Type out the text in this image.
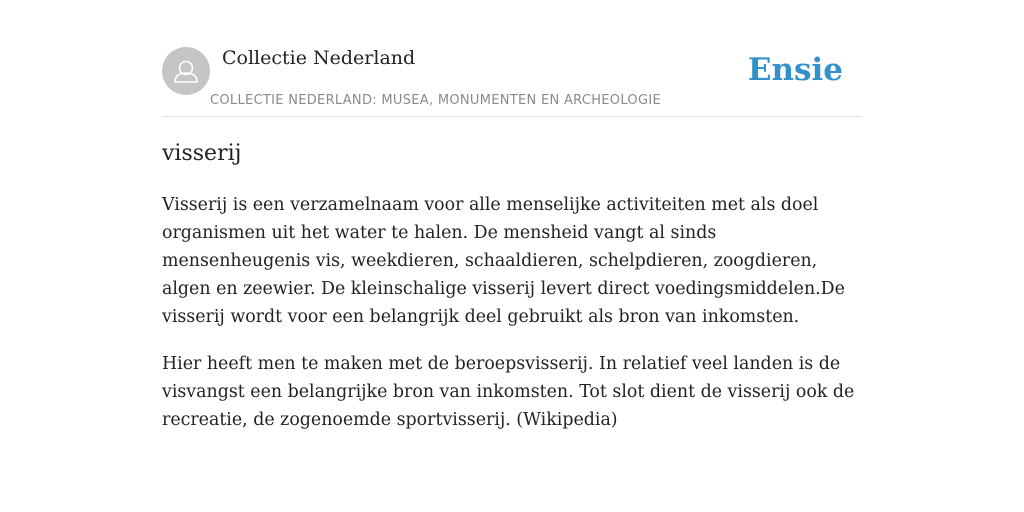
Collectie Nederland
COLLECTIE NEDERLAND: MUSEA, MONUMENTEN EN ARCHEOLOGIE
Ensie
visserij

Visserij is een verzamelnaam voor alle menselijke activiteiten met als doel organismen uit het water te halen. De mensheid vangt al sinds mensenheugenis vis, weekdieren, schaaldieren, schelpdieren, zoogdieren, algen en zeewier. De kleinschalige visserij levert direct voedingsmiddelen.De visserij wordt voor een belangrijk deel gebruikt als bron van inkomsten.

Hier heeft men te maken met de beroepsvisserij. In relatief veel landen is de visvangst een belangrijke bron van inkomsten. Tot slot dient de visserij ook de recreatie, de zogenoemde sportvisserij. (Wikipedia)
